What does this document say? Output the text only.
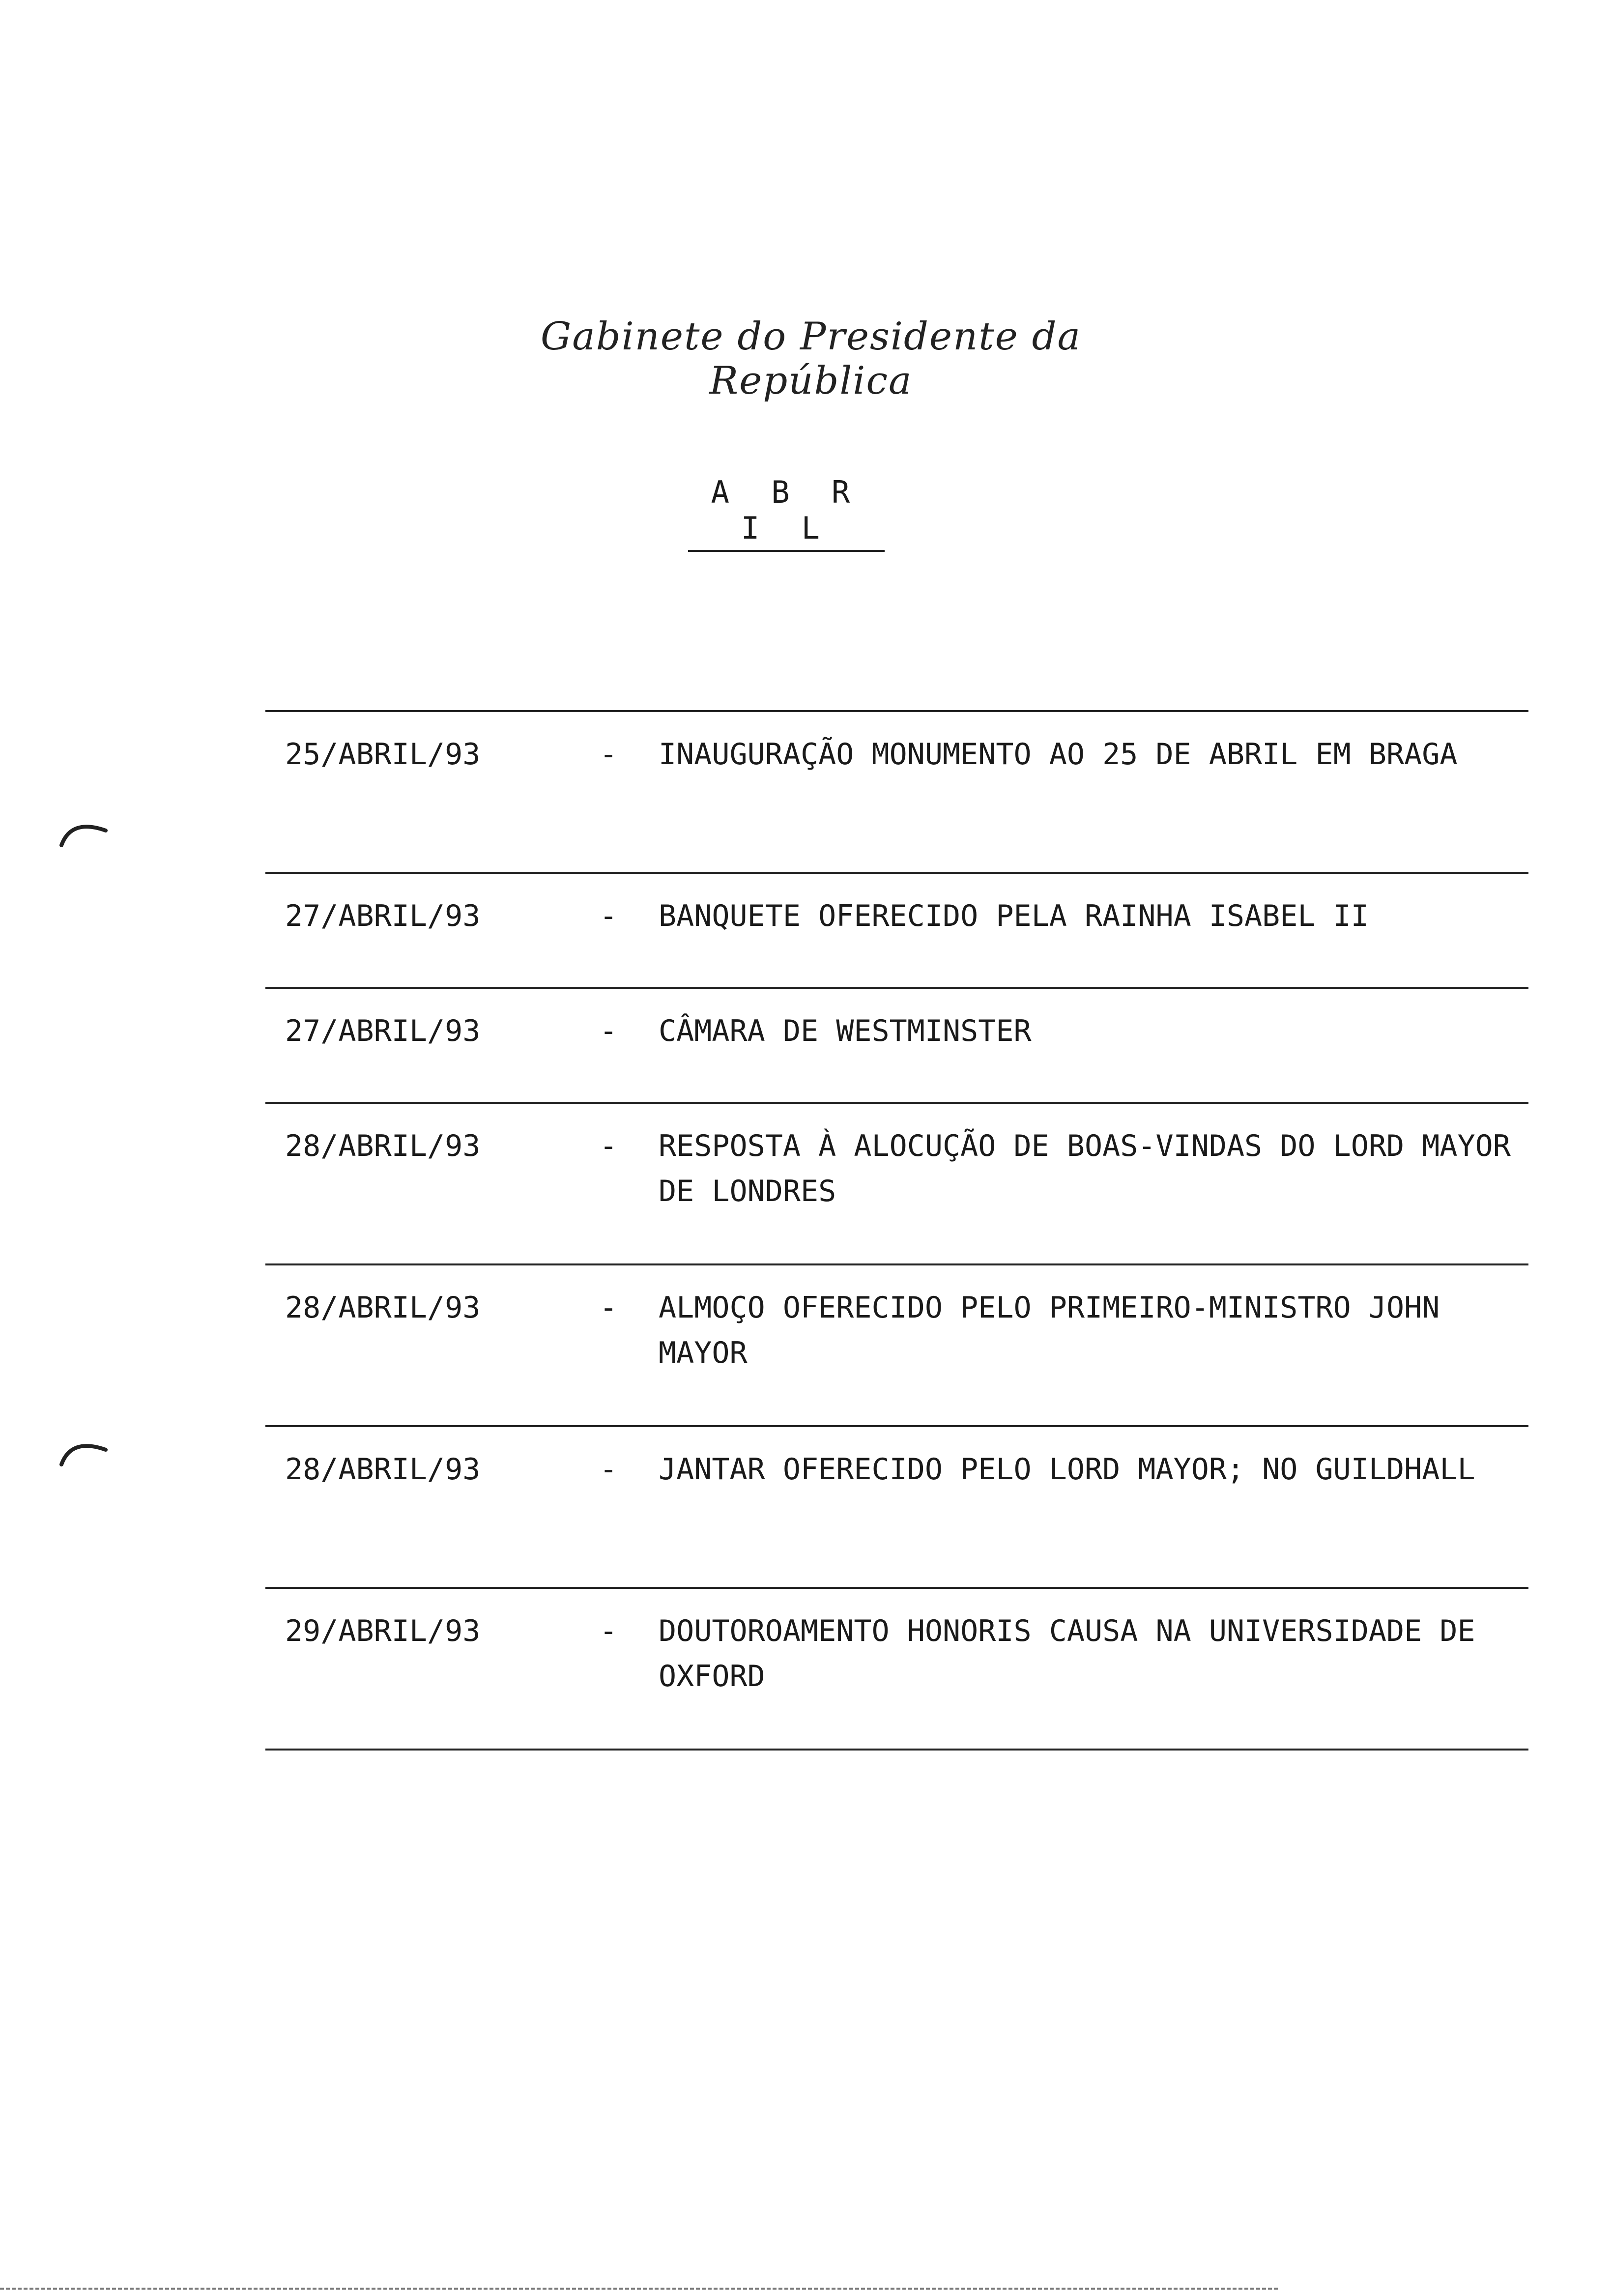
Gabinete do Presidente da República
A B R I L
25/ABRIL/93	- INAUGURAÇÃO MONUMENTO AO 25 DE ABRIL EM BRAGA
27/ABRIL/93	- BANQUETE OFERECIDO PELA RAINHA ISABEL II
27/ABRIL/93	- CÂMARA DE WESTMINSTER
28/ABRIL/93	- RESPOSTA À ALOCUÇÃO DE BOAS-VINDAS DO LORD MAYOR DE LONDRES
28/ABRIL/93	- ALMOÇO OFERECIDO PELO PRIMEIRO-MINISTRO JOHN MAYOR
28/ABRIL/93	- JANTAR OFERECIDO PELO LORD MAYOR; NO GUILDHALL
29/ABRIL/93	- DOUTOROAMENTO HONORIS CAUSA NA UNIVERSIDADE DE OXFORD
